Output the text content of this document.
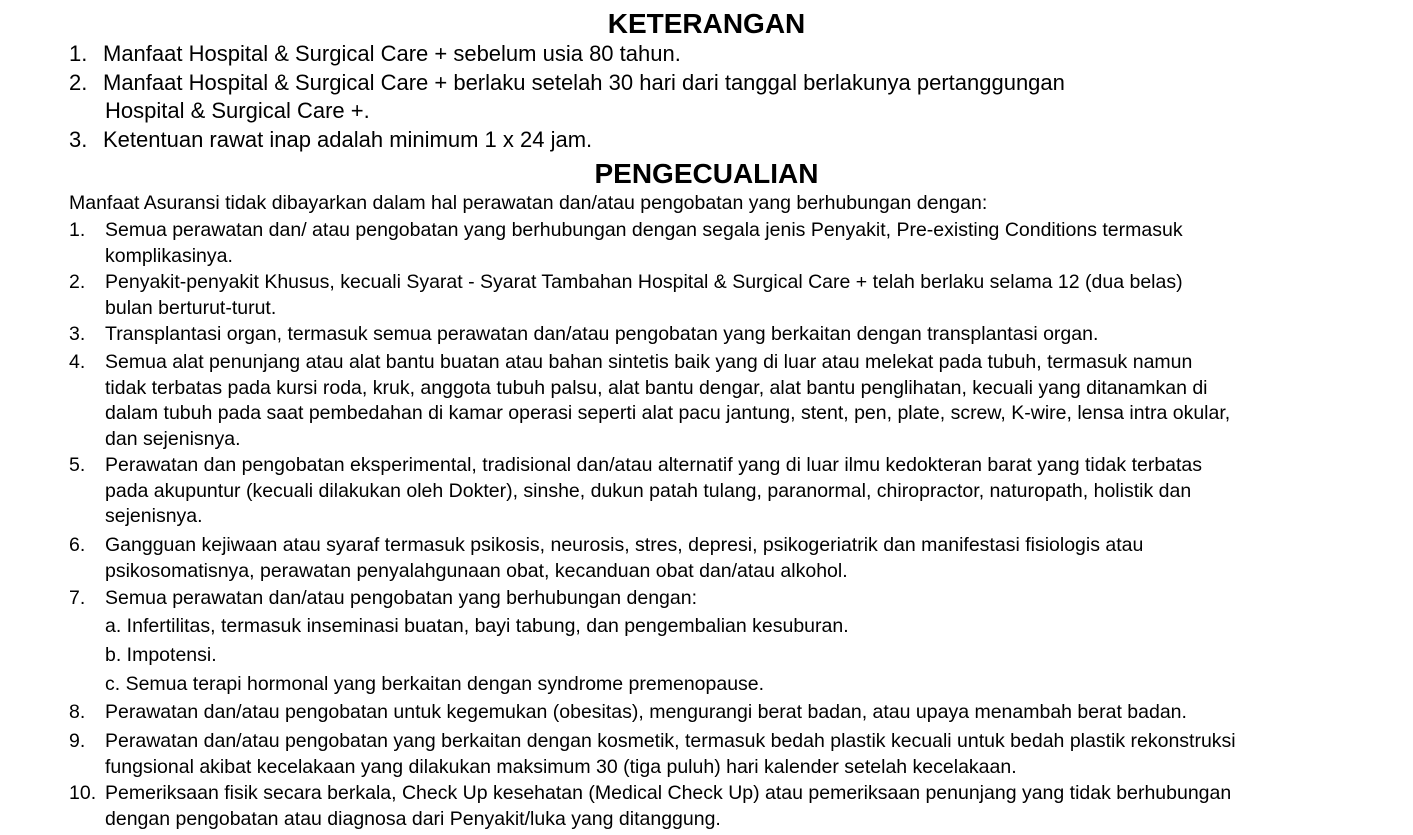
KETERANGAN
1. Manfaat Hospital & Surgical Care + sebelum usia 80 tahun.
2. Manfaat Hospital & Surgical Care + berlaku setelah 30 hari dari tanggal berlakunya pertanggungan
Hospital & Surgical Care +.
3. Ketentuan rawat inap adalah minimum 1 x 24 jam.
PENGECUALIAN
Manfaat Asuransi tidak dibayarkan dalam hal perawatan dan/atau pengobatan yang berhubungan dengan:
1. Semua perawatan dan/ atau pengobatan yang berhubungan dengan segala jenis Penyakit, Pre-existing Conditions termasuk
komplikasinya.
2. Penyakit-penyakit Khusus, kecuali Syarat - Syarat Tambahan Hospital & Surgical Care + telah berlaku selama 12 (dua belas)
bulan berturut-turut.
3. Transplantasi organ, termasuk semua perawatan dan/atau pengobatan yang berkaitan dengan transplantasi organ.
4. Semua alat penunjang atau alat bantu buatan atau bahan sintetis baik yang di luar atau melekat pada tubuh, termasuk namun
tidak terbatas pada kursi roda, kruk, anggota tubuh palsu, alat bantu dengar, alat bantu penglihatan, kecuali yang ditanamkan di
dalam tubuh pada saat pembedahan di kamar operasi seperti alat pacu jantung, stent, pen, plate, screw, K-wire, lensa intra okular,
dan sejenisnya.
5. Perawatan dan pengobatan eksperimental, tradisional dan/atau alternatif yang di luar ilmu kedokteran barat yang tidak terbatas
pada akupuntur (kecuali dilakukan oleh Dokter), sinshe, dukun patah tulang, paranormal, chiropractor, naturopath, holistik dan
sejenisnya.
6. Gangguan kejiwaan atau syaraf termasuk psikosis, neurosis, stres, depresi, psikogeriatrik dan manifestasi fisiologis atau
psikosomatisnya, perawatan penyalahgunaan obat, kecanduan obat dan/atau alkohol.
7. Semua perawatan dan/atau pengobatan yang berhubungan dengan:
a. Infertilitas, termasuk inseminasi buatan, bayi tabung, dan pengembalian kesuburan.
b. Impotensi.
c. Semua terapi hormonal yang berkaitan dengan syndrome premenopause.
8. Perawatan dan/atau pengobatan untuk kegemukan (obesitas), mengurangi berat badan, atau upaya menambah berat badan.
9. Perawatan dan/atau pengobatan yang berkaitan dengan kosmetik, termasuk bedah plastik kecuali untuk bedah plastik rekonstruksi
fungsional akibat kecelakaan yang dilakukan maksimum 30 (tiga puluh) hari kalender setelah kecelakaan.
10. Pemeriksaan fisik secara berkala, Check Up kesehatan (Medical Check Up) atau pemeriksaan penunjang yang tidak berhubungan
dengan pengobatan atau diagnosa dari Penyakit/luka yang ditanggung.
